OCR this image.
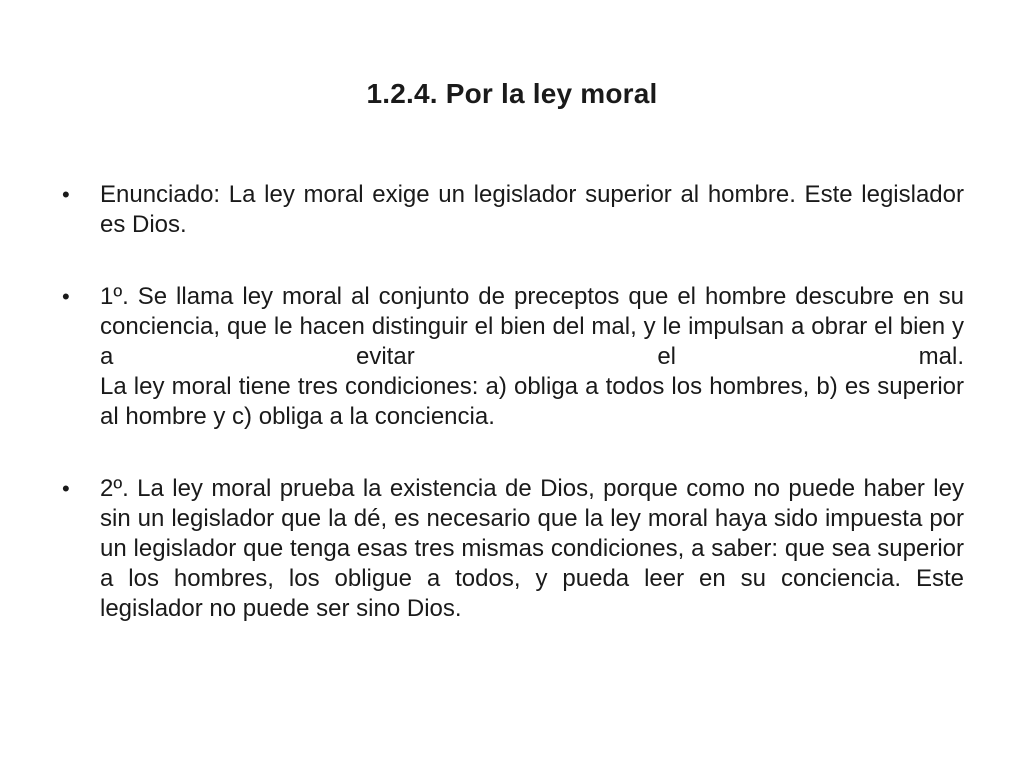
1.2.4. Por la ley moral
•	Enunciado: La ley moral exige un legislador superior al hombre. Este legislador es Dios.
•	1º. Se llama ley moral al conjunto de preceptos que el hombre descubre en su conciencia, que le hacen distinguir el bien del mal, y le impulsan a obrar el bien y a evitar el mal.
La ley moral tiene tres condiciones: a) obliga a todos los hombres, b) es superior al hombre y c) obliga a la conciencia.
•	2º. La ley moral prueba la existencia de Dios, porque como no puede haber ley sin un legislador que la dé, es necesario que la ley moral haya sido impuesta por un legislador que tenga esas tres mismas condiciones, a saber: que sea superior a los hombres, los obligue a todos, y pueda leer en su conciencia. Este legislador no puede ser sino Dios.
